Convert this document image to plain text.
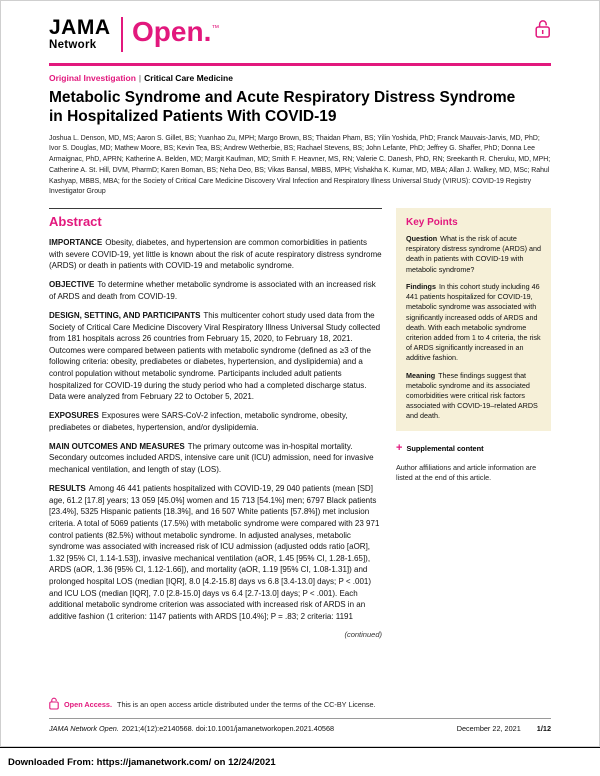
JAMA
Network	Open.™
Original Investigation | Critical Care Medicine
Metabolic Syndrome and Acute Respiratory Distress Syndrome in Hospitalized Patients With COVID-19

Joshua L. Denson, MD, MS; Aaron S. Gillet, BS; Yuanhao Zu, MPH; Margo Brown, BS; Thaidan Pham, BS; Yilin Yoshida, PhD; Franck Mauvais-Jarvis, MD, PhD; Ivor S. Douglas, MD; Mathew Moore, BS; Kevin Tea, BS; Andrew Wetherbie, BS; Rachael Stevens, BS; John Lefante, PhD; Jeffrey G. Shaffer, PhD; Donna Lee Armaignac, PhD, APRN; Katherine A. Belden, MD; Margit Kaufman, MD; Smith F. Heavner, MS, RN; Valerie C. Danesh, PhD, RN; Sreekanth R. Cheruku, MD, MPH; Catherine A. St. Hill, DVM, PharmD; Karen Boman, BS; Neha Deo, BS; Vikas Bansal, MBBS, MPH; Vishakha K. Kumar, MD, MBA; Allan J. Walkey, MD, MSc; Rahul Kashyap, MBBS, MBA; for the Society of Critical Care Medicine Discovery Viral Infection and Respiratory Illness Universal Study (VIRUS): COVID-19 Registry Investigator Group

Abstract

IMPORTANCE Obesity, diabetes, and hypertension are common comorbidities in patients with severe COVID-19, yet little is known about the risk of acute respiratory distress syndrome (ARDS) or death in patients with COVID-19 and metabolic syndrome.

OBJECTIVE To determine whether metabolic syndrome is associated with an increased risk of ARDS and death from COVID-19.

DESIGN, SETTING, AND PARTICIPANTS This multicenter cohort study used data from the Society of Critical Care Medicine Discovery Viral Respiratory Illness Universal Study collected from 181 hospitals across 26 countries from February 15, 2020, to February 18, 2021. Outcomes were compared between patients with metabolic syndrome (defined as ≥3 of the following criteria: obesity, prediabetes or diabetes, hypertension, and dyslipidemia) and a control population without metabolic syndrome. Participants included adult patients hospitalized for COVID-19 during the study period who had a completed discharge status. Data were analyzed from February 22 to October 5, 2021.

EXPOSURES Exposures were SARS-CoV-2 infection, metabolic syndrome, obesity, prediabetes or diabetes, hypertension, and/or dyslipidemia.

MAIN OUTCOMES AND MEASURES The primary outcome was in-hospital mortality. Secondary outcomes included ARDS, intensive care unit (ICU) admission, need for invasive mechanical ventilation, and length of stay (LOS).

RESULTS Among 46 441 patients hospitalized with COVID-19, 29 040 patients (mean [SD] age, 61.2 [17.8] years; 13 059 [45.0%] women and 15 713 [54.1%] men; 6797 Black patients [23.4%], 5325 Hispanic patients [18.3%], and 16 507 White patients [57.8%]) met inclusion criteria. A total of 5069 patients (17.5%) with metabolic syndrome were compared with 23 971 control patients (82.5%) without metabolic syndrome. In adjusted analyses, metabolic syndrome was associated with increased risk of ICU admission (adjusted odds ratio [aOR], 1.32 [95% CI, 1.14-1.53]), invasive mechanical ventilation (aOR, 1.45 [95% CI, 1.28-1.65]), ARDS (aOR, 1.36 [95% CI, 1.12-1.66]), and mortality (aOR, 1.19 [95% CI, 1.08-1.31]) and prolonged hospital LOS (median [IQR], 8.0 [4.2-15.8] days vs 6.8 [3.4-13.0] days; P < .001) and ICU LOS (median [IQR], 7.0 [2.8-15.0] days vs 6.4 [2.7-13.0] days; P < .001). Each additional metabolic syndrome criterion was associated with increased risk of ARDS in an additive fashion (1 criterion: 1147 patients with ARDS [10.4%]; P = .83; 2 criteria: 1191

(continued)
Key Points

Question What is the risk of acute respiratory distress syndrome (ARDS) and death in patients with COVID-19 with metabolic syndrome?

Findings In this cohort study including 46 441 patients hospitalized for COVID-19, metabolic syndrome was associated with significantly increased odds of ARDS and death. With each metabolic syndrome criterion added from 1 to 4 criteria, the risk of ARDS significantly increased in an additive fashion.

Meaning These findings suggest that metabolic syndrome and its associated comorbidities were critical risk factors associated with COVID-19–related ARDS and death.

+ Supplemental content

Author affiliations and article information are listed at the end of this article.

Open Access. This is an open access article distributed under the terms of the CC-BY License.
JAMA Network Open. 2021;4(12):e2140568. doi:10.1001/jamanetworkopen.2021.40568	December 22, 2021 1/12
Downloaded From: https://jamanetwork.com/ on 12/24/2021
